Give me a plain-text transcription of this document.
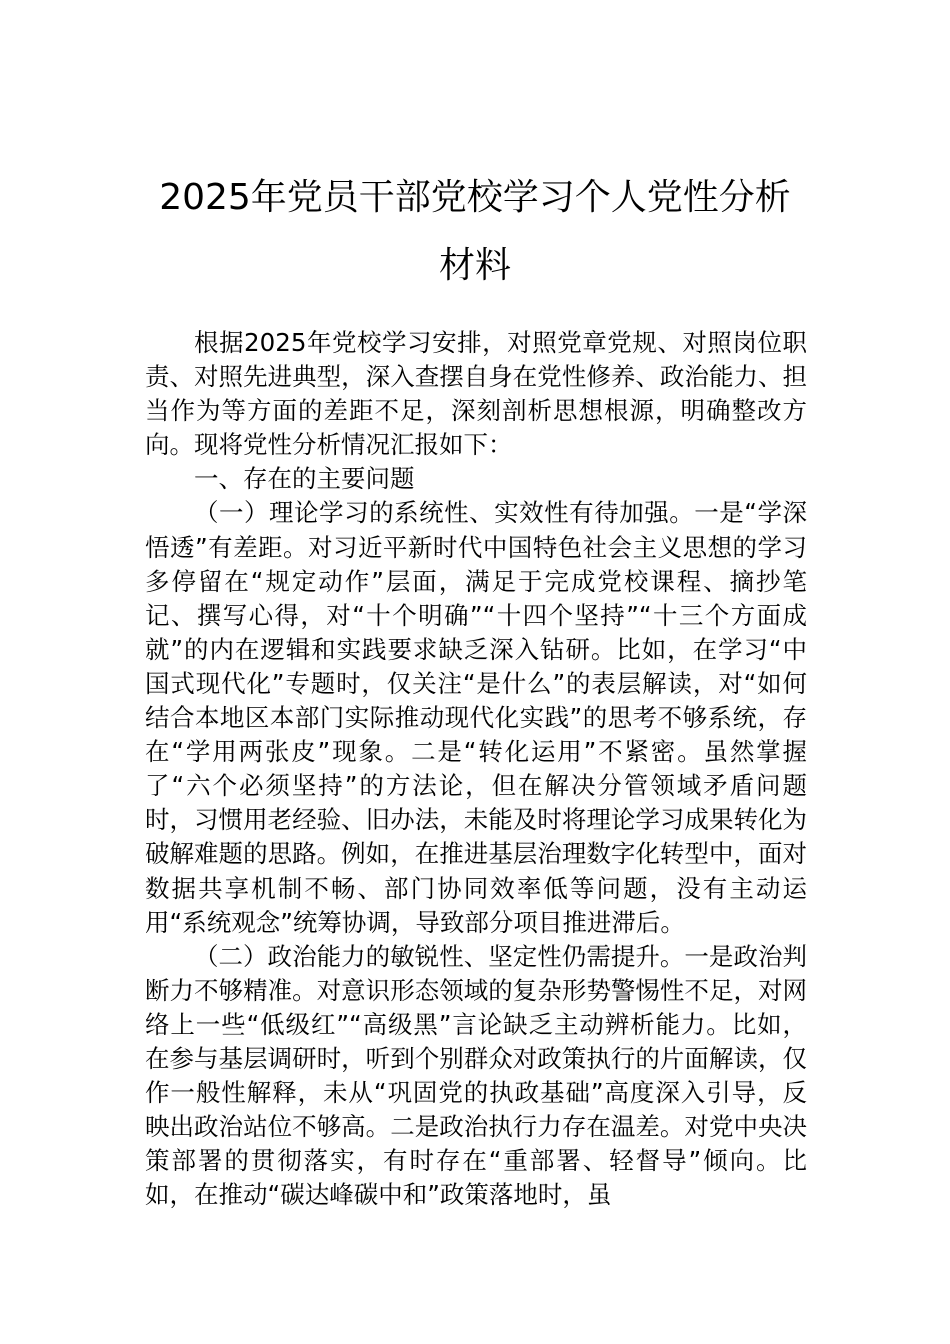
2025年党员干部党校学习个人党性分析材料

根据2025年党校学习安排，对照党章党规、对照岗位职责、对照先进典型，深入查摆自身在党性修养、政治能力、担当作为等方面的差距不足，深刻剖析思想根源，明确整改方向。现将党性分析情况汇报如下：

一、存在的主要问题

（一）理论学习的系统性、实效性有待加强。一是“学深悟透”有差距。对习近平新时代中国特色社会主义思想的学习多停留在“规定动作”层面，满足于完成党校课程、摘抄笔记、撰写心得，对“十个明确”“十四个坚持”“十三个方面成就”的内在逻辑和实践要求缺乏深入钻研。比如，在学习“中国式现代化”专题时，仅关注“是什么”的表层解读，对“如何结合本地区本部门实际推动现代化实践”的思考不够系统，存在“学用两张皮”现象。二是“转化运用”不紧密。虽然掌握了“六个必须坚持”的方法论，但在解决分管领域矛盾问题时，习惯用老经验、旧办法，未能及时将理论学习成果转化为破解难题的思路。例如，在推进基层治理数字化转型中，面对数据共享机制不畅、部门协同效率低等问题，没有主动运用“系统观念”统筹协调，导致部分项目推进滞后。

（二）政治能力的敏锐性、坚定性仍需提升。一是政治判断力不够精准。对意识形态领域的复杂形势警惕性不足，对网络上一些“低级红”“高级黑”言论缺乏主动辨析能力。比如，在参与基层调研时，听到个别群众对政策执行的片面解读，仅作一般性解释，未从“巩固党的执政基础”高度深入引导，反映出政治站位不够高。二是政治执行力存在温差。对党中央决策部署的贯彻落实，有时存在“重部署、轻督导”倾向。比如，在推动“碳达峰碳中和”政策落地时，虽
